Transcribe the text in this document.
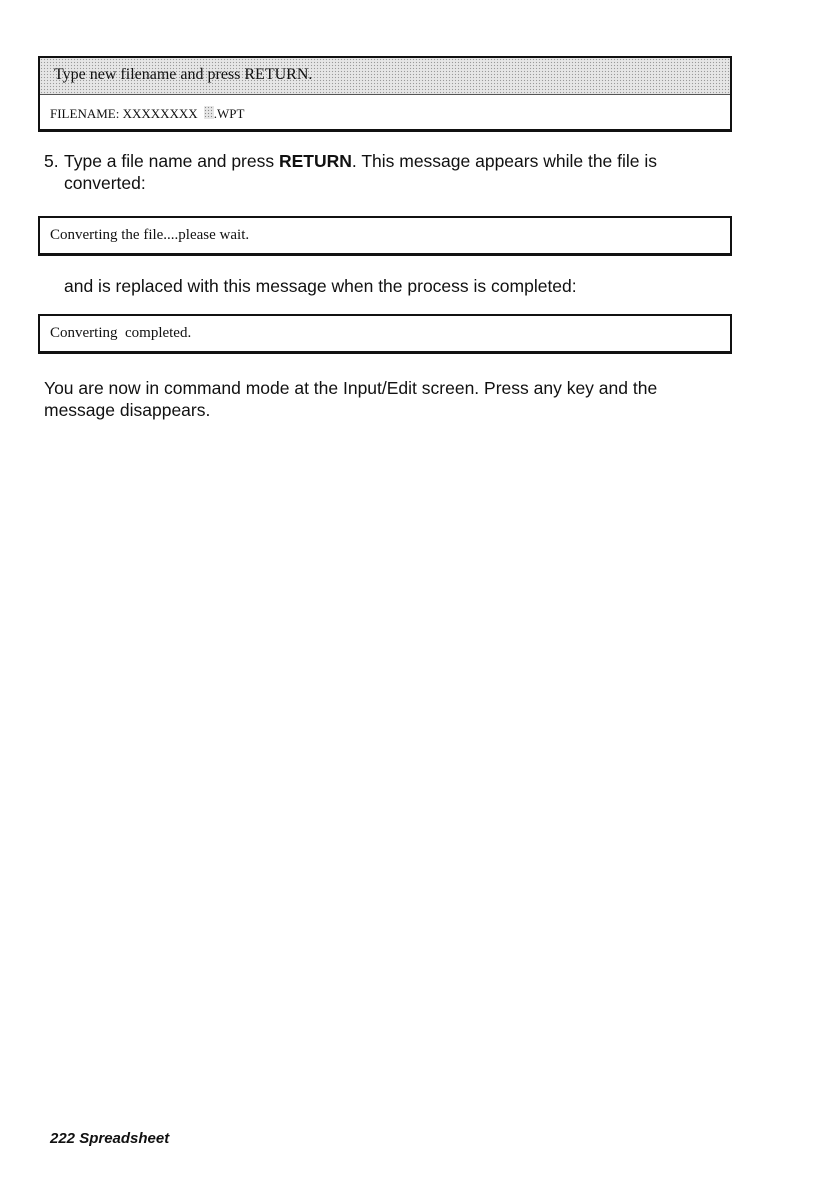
Type new filename and press RETURN.
FILENAME: XXXXXXXX .WPT
5. Type a file name and press RETURN. This message appears while the file is
converted:
Converting the file....please wait.

and is replaced with this message when the process is completed:

Converting  completed.
You are now in command mode at the Input/Edit screen. Press any key and the
message disappears.
222 Spreadsheet
